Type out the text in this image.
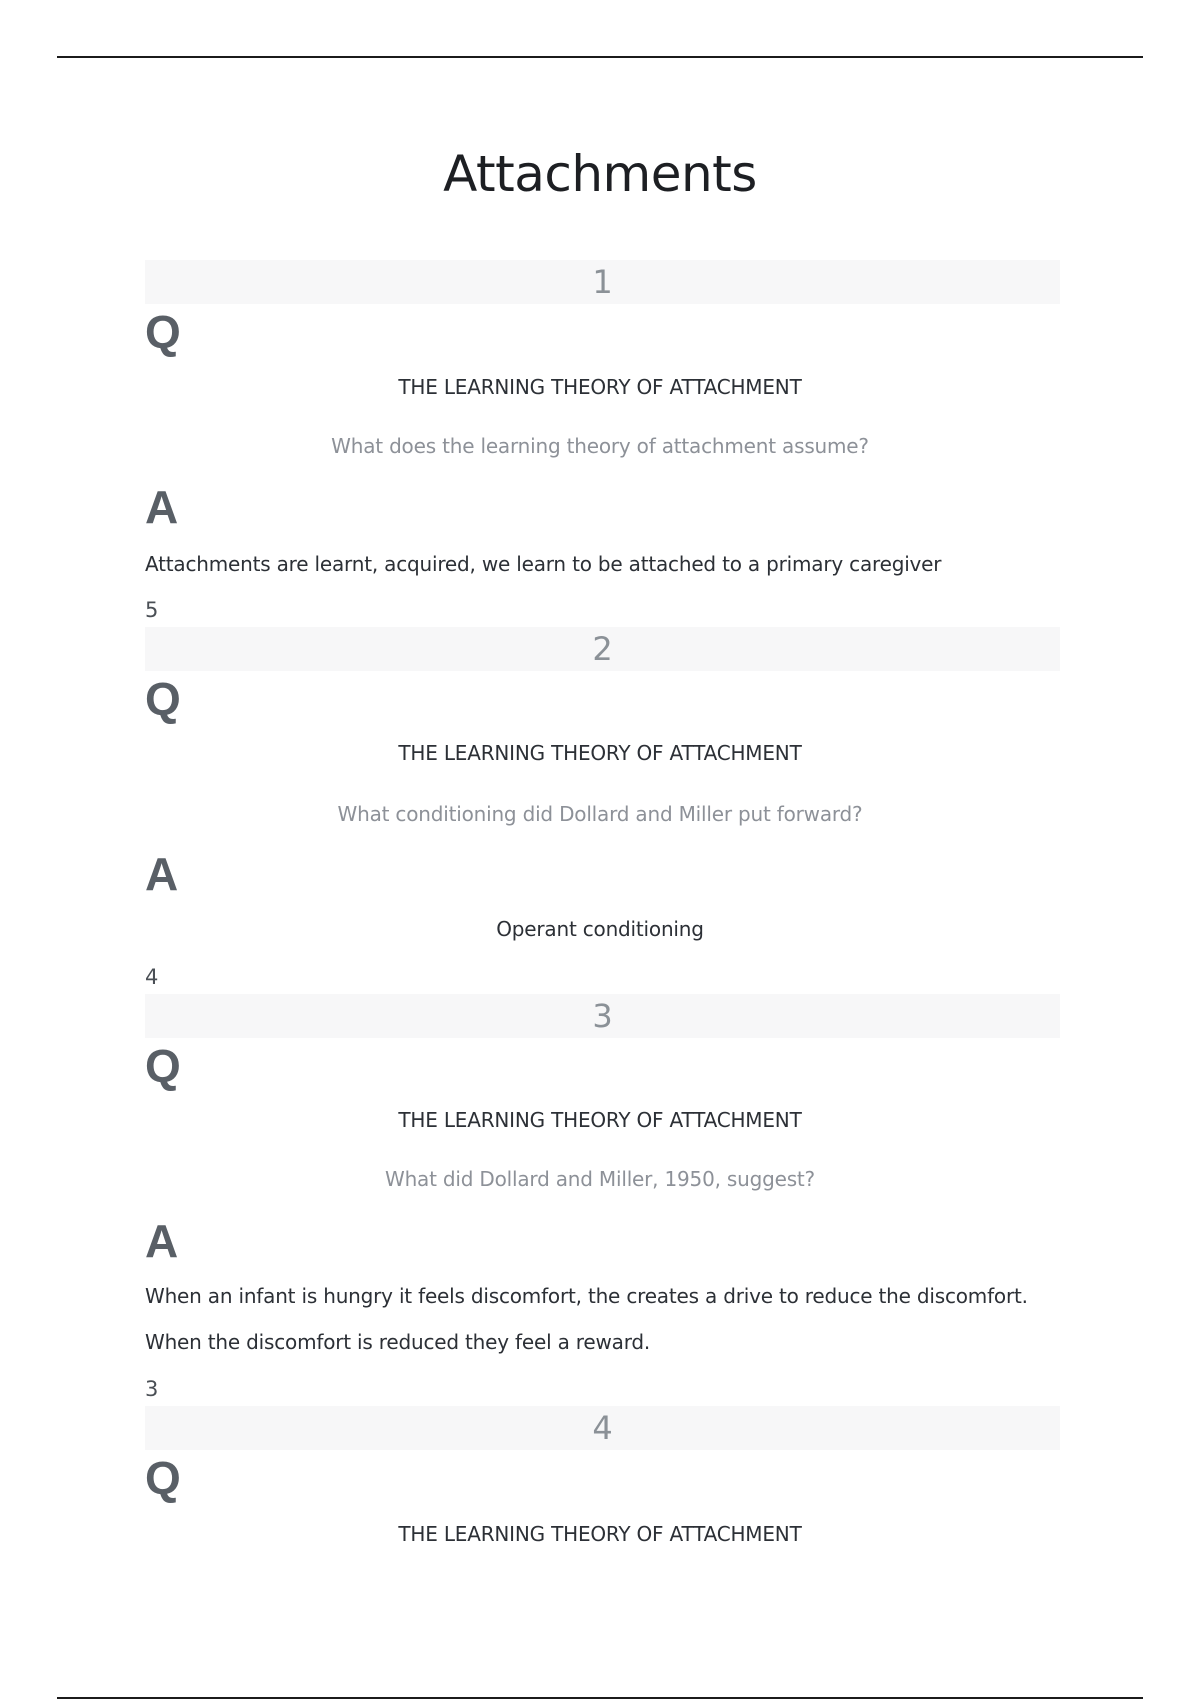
Attachments
1
Q
THE LEARNING THEORY OF ATTACHMENT
What does the learning theory of attachment assume?
A
Attachments are learnt, acquired, we learn to be attached to a primary caregiver
5
2
Q
THE LEARNING THEORY OF ATTACHMENT
What conditioning did Dollard and Miller put forward?
A
Operant conditioning
4
3
Q
THE LEARNING THEORY OF ATTACHMENT
What did Dollard and Miller, 1950, suggest?
A
When an infant is hungry it feels discomfort, the creates a drive to reduce the discomfort.
When the discomfort is reduced they feel a reward.
3
4
Q
THE LEARNING THEORY OF ATTACHMENT
